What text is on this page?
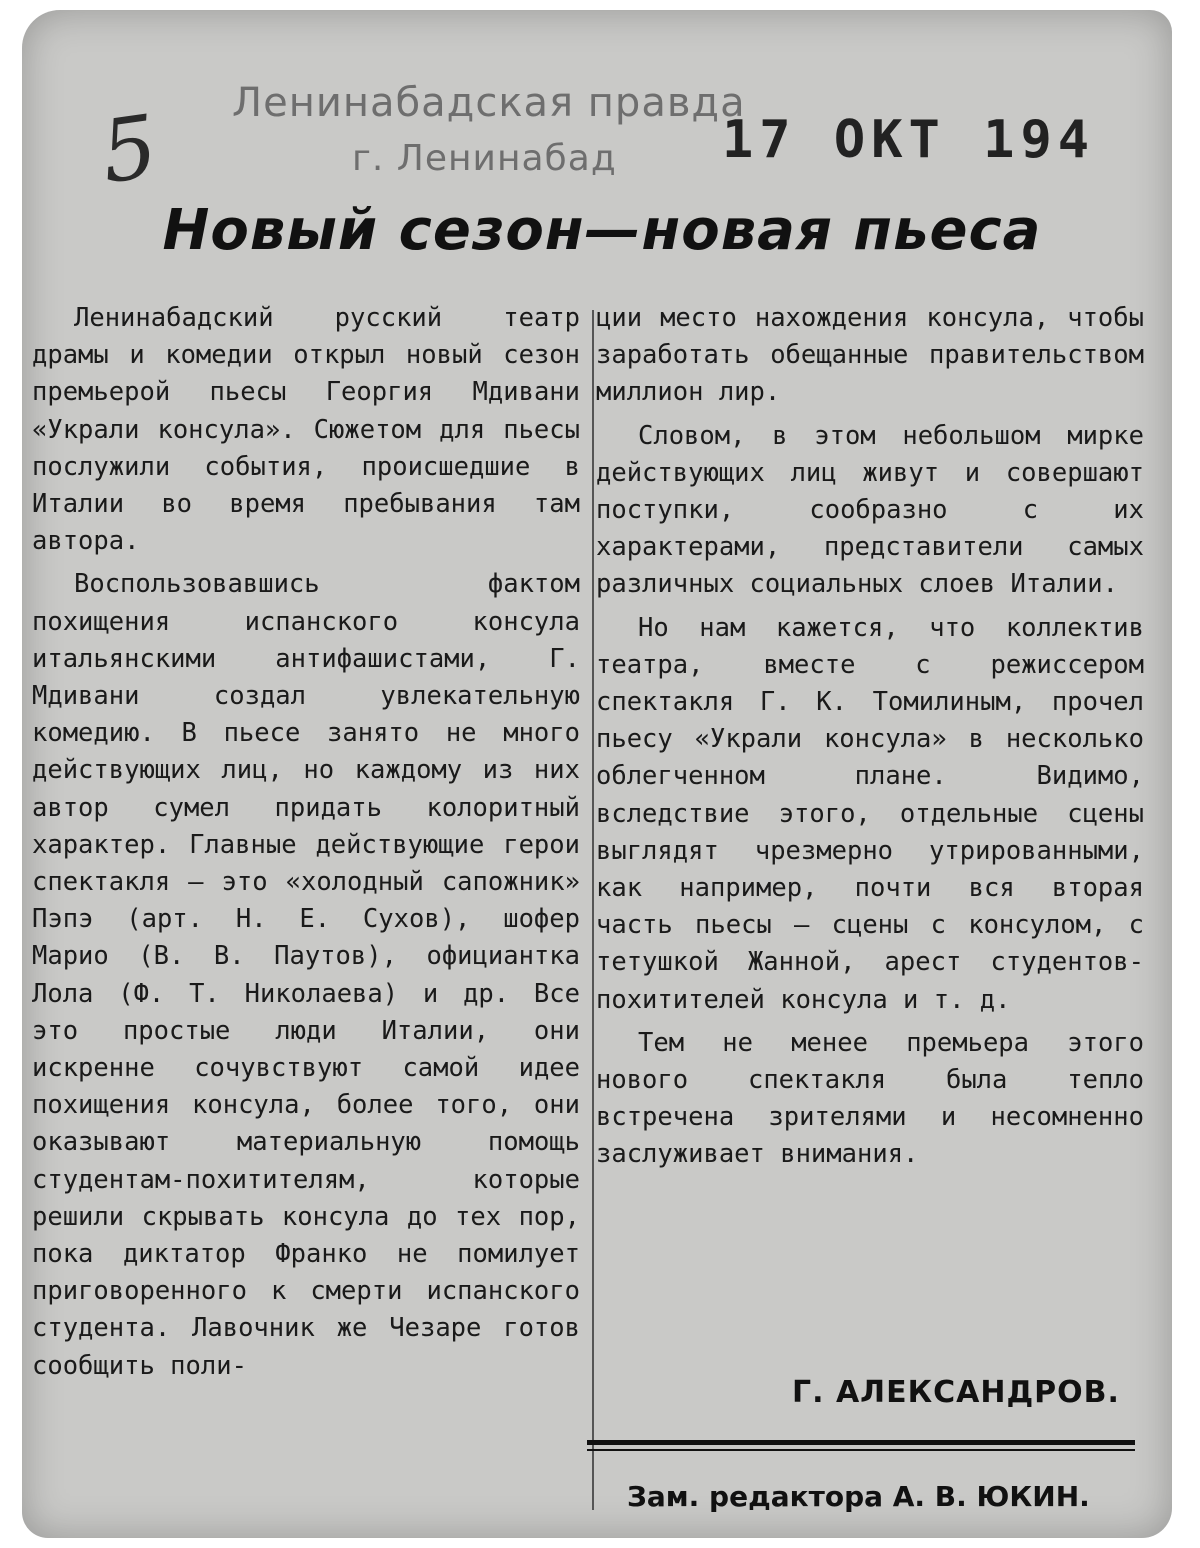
Ленинабадская правда
г. Ленинабад 17 ОКТ 194
5
Новый сезон—новая пьеса

Ленинабадский русский театр драмы и комедии открыл новый сезон премьерой пьесы Георгия Мдивани «Украли консула». Сюжетом для пьесы послужили события, происшедшие в Италии во время пребывания там автора.

Воспользовавшись фактом похищения испанского консула итальянскими антифашистами, Г. Мдивани создал увлекательную комедию. В пьесе занято не много действующих лиц, но каждому из них автор сумел придать колоритный характер. Главные действующие герои спектакля — это «холодный сапожник» Пэпэ (арт. Н. Е. Сухов), шофер Марио (В. В. Паутов), официантка Лола (Ф. Т. Николаева) и др. Все это простые люди Италии, они искренне сочувствуют самой идее похищения консула, более того, они оказывают материальную помощь студентам-похитителям, которые решили скрывать консула до тех пор, пока диктатор Франко не помилует приговоренного к смерти испанского студента. Лавочник же Чезаре готов сообщить поли-

ции место нахождения консула, чтобы заработать обещанные правительством миллион лир.

Словом, в этом небольшом мирке действующих лиц живут и совершают поступки, сообразно с их характерами, представители самых различных социальных слоев Италии.

Но нам кажется, что коллектив театра, вместе с режиссером спектакля Г. К. Томилиным, прочел пьесу «Украли консула» в несколько облегченном плане. Видимо, вследствие этого, отдельные сцены выглядят чрезмерно утрированными, как например, почти вся вторая часть пьесы — сцены с консулом, с тетушкой Жанной, арест студентов-похитителей консула и т. д.

Тем не менее премьера этого нового спектакля была тепло встречена зрителями и несомненно заслуживает внимания.

Г. АЛЕКСАНДРОВ.
Зам. редактора А. В. ЮКИН.
